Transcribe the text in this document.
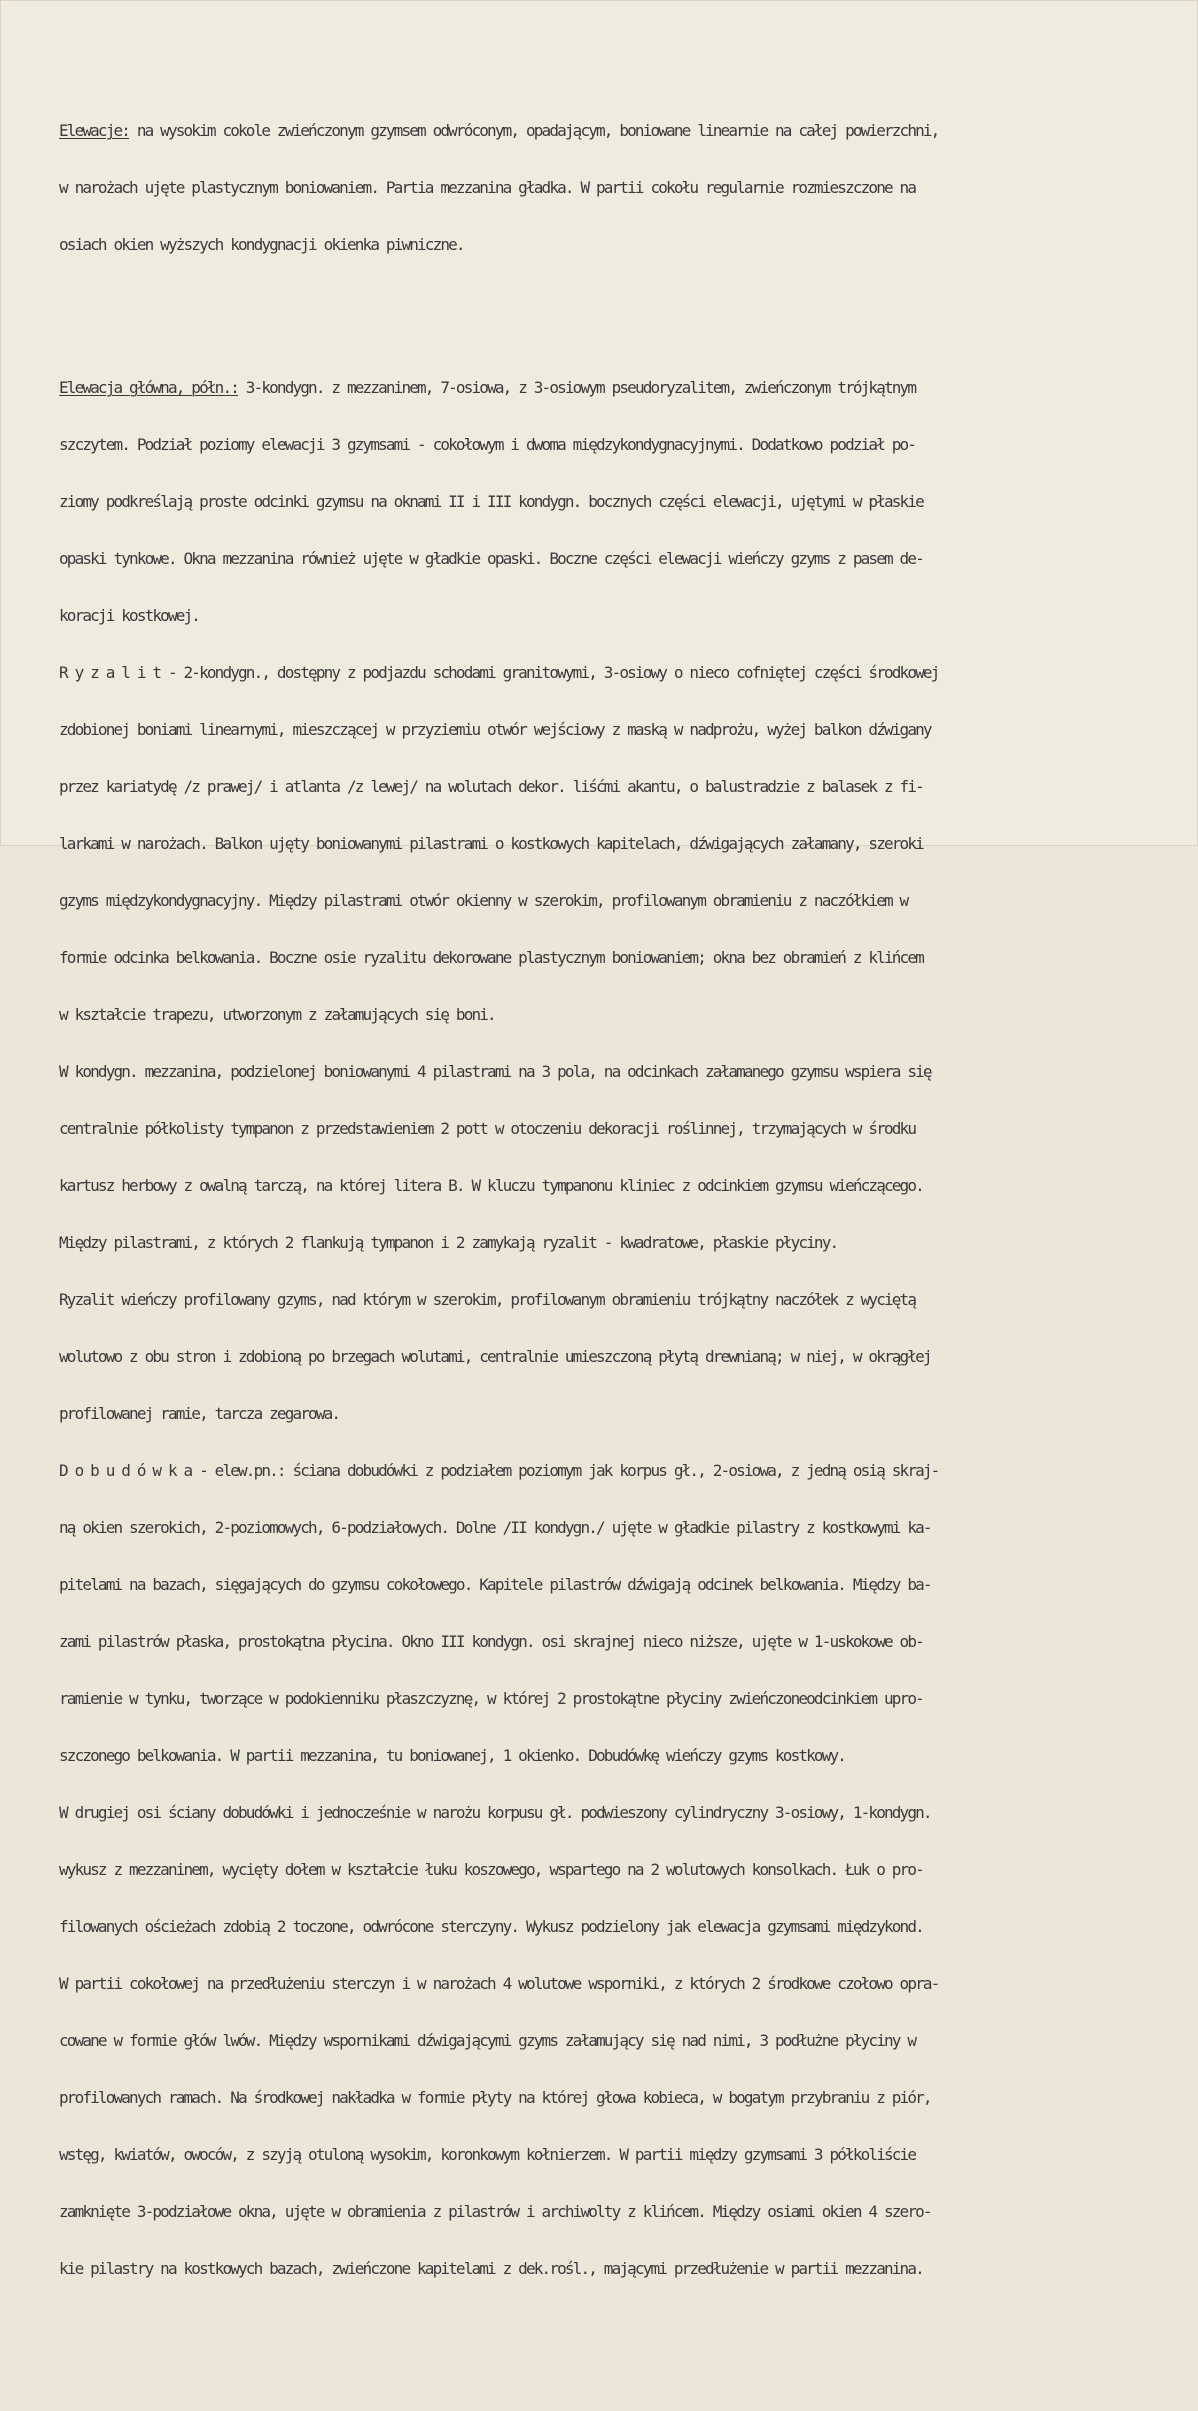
Elewacje: na wysokim cokole zwieńczonym gzymsem odwróconym, opadającym, boniowane linearnie na całej powierzchni,

w narożach ujęte plastycznym boniowaniem. Partia mezzanina gładka. W partii cokołu regularnie rozmieszczone na

osiach okien wyższych kondygnacji okienka piwniczne.

Elewacja główna, półn.: 3-kondygn. z mezzaninem, 7-osiowa, z 3-osiowym pseudoryzalitem, zwieńczonym trójkątnym

szczytem. Podział poziomy elewacji 3 gzymsami - cokołowym i dwoma międzykondygnacyjnymi. Dodatkowo podział po-

ziomy podkreślają proste odcinki gzymsu na oknami II i III kondygn. bocznych części elewacji, ujętymi w płaskie

opaski tynkowe. Okna mezzanina również ujęte w gładkie opaski. Boczne części elewacji wieńczy gzyms z pasem de-

koracji kostkowej.

R y z a l i t - 2-kondygn., dostępny z podjazdu schodami granitowymi, 3-osiowy o nieco cofniętej części środkowej

zdobionej boniami linearnymi, mieszczącej w przyziemiu otwór wejściowy z maską w nadprożu, wyżej balkon dźwigany

przez kariatydę /z prawej/ i atlanta /z lewej/ na wolutach dekor. liśćmi akantu, o balustradzie z balasek z fi-

larkami w narożach. Balkon ujęty boniowanymi pilastrami o kostkowych kapitelach, dźwigających załamany, szeroki

gzyms międzykondygnacyjny. Między pilastrami otwór okienny w szerokim, profilowanym obramieniu z naczółkiem w

formie odcinka belkowania. Boczne osie ryzalitu dekorowane plastycznym boniowaniem; okna bez obramień z klińcem

w kształcie trapezu, utworzonym z załamujących się boni.

W kondygn. mezzanina, podzielonej boniowanymi 4 pilastrami na 3 pola, na odcinkach załamanego gzymsu wspiera się

centralnie półkolisty tympanon z przedstawieniem 2 pott w otoczeniu dekoracji roślinnej, trzymających w środku

kartusz herbowy z owalną tarczą, na której litera B. W kluczu tympanonu kliniec z odcinkiem gzymsu wieńczącego.

Między pilastrami, z których 2 flankują tympanon i 2 zamykają ryzalit - kwadratowe, płaskie płyciny.

Ryzalit wieńczy profilowany gzyms, nad którym w szerokim, profilowanym obramieniu trójkątny naczółek z wyciętą

wolutowo z obu stron i zdobioną po brzegach wolutami, centralnie umieszczoną płytą drewnianą; w niej, w okrągłej

profilowanej ramie, tarcza zegarowa.

D o b u d ó w k a - elew.pn.: ściana dobudówki z podziałem poziomym jak korpus gł., 2-osiowa, z jedną osią skraj-

ną okien szerokich, 2-poziomowych, 6-podziałowych. Dolne /II kondygn./ ujęte w gładkie pilastry z kostkowymi ka-

pitelami na bazach, sięgających do gzymsu cokołowego. Kapitele pilastrów dźwigają odcinek belkowania. Między ba-

zami pilastrów płaska, prostokątna płycina. Okno III kondygn. osi skrajnej nieco niższe, ujęte w 1-uskokowe ob-

ramienie w tynku, tworzące w podokienniku płaszczyznę, w której 2 prostokątne płyciny zwieńczoneodcinkiem upro-

szczonego belkowania. W partii mezzanina, tu boniowanej, 1 okienko. Dobudówkę wieńczy gzyms kostkowy.

W drugiej osi ściany dobudówki i jednocześnie w narożu korpusu gł. podwieszony cylindryczny 3-osiowy, 1-kondygn.

wykusz z mezzaninem, wycięty dołem w kształcie łuku koszowego, wspartego na 2 wolutowych konsolkach. Łuk o pro-

filowanych ościeżach zdobią 2 toczone, odwrócone sterczyny. Wykusz podzielony jak elewacja gzymsami międzykond.

W partii cokołowej na przedłużeniu sterczyn i w narożach 4 wolutowe wsporniki, z których 2 środkowe czołowo opra-

cowane w formie głów lwów. Między wspornikami dźwigającymi gzyms załamujący się nad nimi, 3 podłużne płyciny w

profilowanych ramach. Na środkowej nakładka w formie płyty na której głowa kobieca, w bogatym przybraniu z piór,

wstęg, kwiatów, owoców, z szyją otuloną wysokim, koronkowym kołnierzem. W partii między gzymsami 3 półkoliście

zamknięte 3-podziałowe okna, ujęte w obramienia z pilastrów i archiwolty z klińcem. Między osiami okien 4 szero-

kie pilastry na kostkowych bazach, zwieńczone kapitelami z dek.rośl., mającymi przedłużenie w partii mezzanina.
